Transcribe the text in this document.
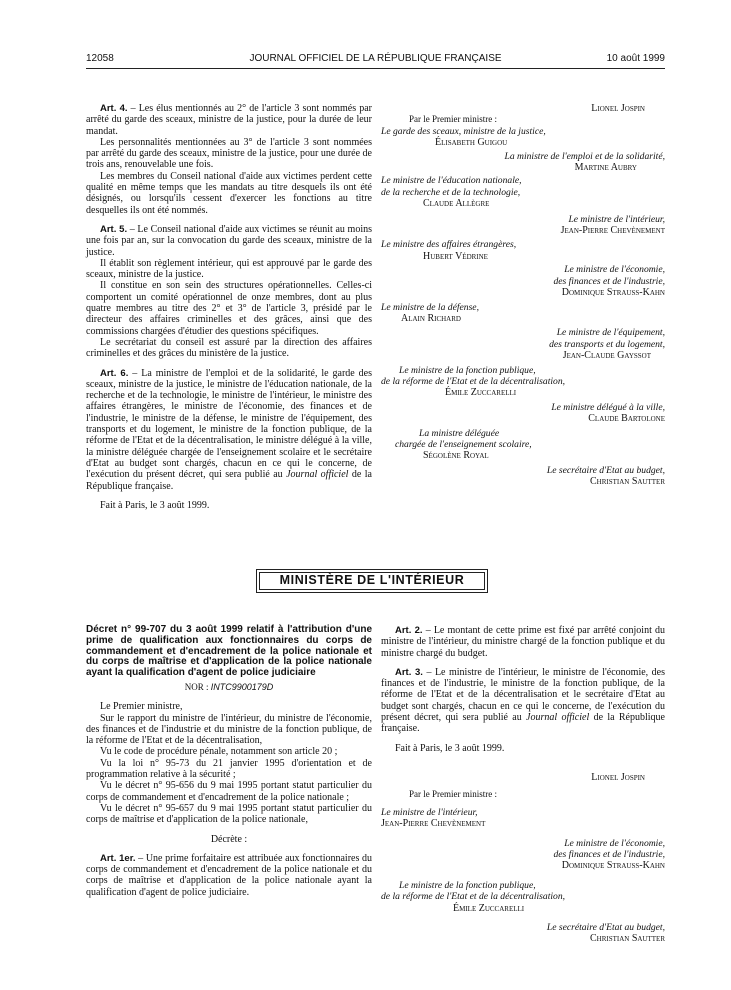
12058	JOURNAL OFFICIEL DE LA RÉPUBLIQUE FRANÇAISE	10 août 1999

Art. 4. – Les élus mentionnés au 2° de l'article 3 sont nommés par arrêté du garde des sceaux, ministre de la justice, pour la durée de leur mandat.

Les personnalités mentionnées au 3° de l'article 3 sont nommées par arrêté du garde des sceaux, ministre de la justice, pour une durée de trois ans, renouvelable une fois.

Les membres du Conseil national d'aide aux victimes perdent cette qualité en même temps que les mandats au titre desquels ils ont été désignés, ou lorsqu'ils cessent d'exercer les fonctions au titre desquelles ils ont été nommés.

Art. 5. – Le Conseil national d'aide aux victimes se réunit au moins une fois par an, sur la convocation du garde des sceaux, ministre de la justice.

Il établit son règlement intérieur, qui est approuvé par le garde des sceaux, ministre de la justice.

Il constitue en son sein des structures opérationnelles. Celles-ci comportent un comité opérationnel de onze membres, dont au plus quatre membres au titre des 2° et 3° de l'article 3, présidé par le directeur des affaires criminelles et des grâces, ainsi que des commissions chargées d'étudier des questions spécifiques.

Le secrétariat du conseil est assuré par la direction des affaires criminelles et des grâces du ministère de la justice.

Art. 6. – La ministre de l'emploi et de la solidarité, le garde des sceaux, ministre de la justice, le ministre de l'éducation nationale, de la recherche et de la technologie, le ministre de l'intérieur, le ministre des affaires étrangères, le ministre de l'économie, des finances et de l'industrie, le ministre de la défense, le ministre de l'équipement, des transports et du logement, le ministre de la fonction publique, de la réforme de l'Etat et de la décentralisation, le ministre délégué à la ville, la ministre déléguée chargée de l'enseignement scolaire et le secrétaire d'Etat au budget sont chargés, chacun en ce qui le concerne, de l'exécution du présent décret, qui sera publié au Journal officiel de la République française.

Fait à Paris, le 3 août 1999.

Lionel Jospin
Par le Premier ministre :
Le garde des sceaux, ministre de la justice,
Élisabeth Guigou
La ministre de l'emploi et de la solidarité,
Martine Aubry
Le ministre de l'éducation nationale,
de la recherche et de la technologie,
Claude Allègre
Le ministre de l'intérieur,
Jean-Pierre Chevènement
Le ministre des affaires étrangères,
Hubert Védrine
Le ministre de l'économie,
des finances et de l'industrie,
Dominique Strauss-Kahn
Le ministre de la défense,
Alain Richard
Le ministre de l'équipement,
des transports et du logement,
Jean-Claude Gayssot
Le ministre de la fonction publique,
de la réforme de l'Etat et de la décentralisation,
Émile Zuccarelli
Le ministre délégué à la ville,
Claude Bartolone
La ministre déléguée
chargée de l'enseignement scolaire,
Ségolène Royal
Le secrétaire d'Etat au budget,
Christian Sautter
MINISTÈRE DE L'INTÉRIEUR
Décret n° 99-707 du 3 août 1999 relatif à l'attribution d'une prime de qualification aux fonctionnaires du corps de commandement et d'encadrement de la police nationale et du corps de maîtrise et d'application de la police nationale ayant la qualification d'agent de police judiciaire
NOR : INTC9900179D

Le Premier ministre,

Sur le rapport du ministre de l'intérieur, du ministre de l'économie, des finances et de l'industrie et du ministre de la fonction publique, de la réforme de l'Etat et de la décentralisation,

Vu le code de procédure pénale, notamment son article 20 ;

Vu la loi n° 95-73 du 21 janvier 1995 d'orientation et de programmation relative à la sécurité ;

Vu le décret n° 95-656 du 9 mai 1995 portant statut particulier du corps de commandement et d'encadrement de la police nationale ;

Vu le décret n° 95-657 du 9 mai 1995 portant statut particulier du corps de maîtrise et d'application de la police nationale,

Décrète :

Art. 1er. – Une prime forfaitaire est attribuée aux fonctionnaires du corps de commandement et d'encadrement de la police nationale et du corps de maîtrise et d'application de la police nationale ayant la qualification d'agent de police judiciaire.

Art. 2. – Le montant de cette prime est fixé par arrêté conjoint du ministre de l'intérieur, du ministre chargé de la fonction publique et du ministre chargé du budget.

Art. 3. – Le ministre de l'intérieur, le ministre de l'économie, des finances et de l'industrie, le ministre de la fonction publique, de la réforme de l'Etat et de la décentralisation et le secrétaire d'Etat au budget sont chargés, chacun en ce qui le concerne, de l'exécution du présent décret, qui sera publié au Journal officiel de la République française.

Fait à Paris, le 3 août 1999.

Lionel Jospin
Par le Premier ministre :
Le ministre de l'intérieur,
Jean-Pierre Chevènement
Le ministre de l'économie,
des finances et de l'industrie,
Dominique Strauss-Kahn
Le ministre de la fonction publique,
de la réforme de l'Etat et de la décentralisation,
Émile Zuccarelli
Le secrétaire d'Etat au budget,
Christian Sautter
